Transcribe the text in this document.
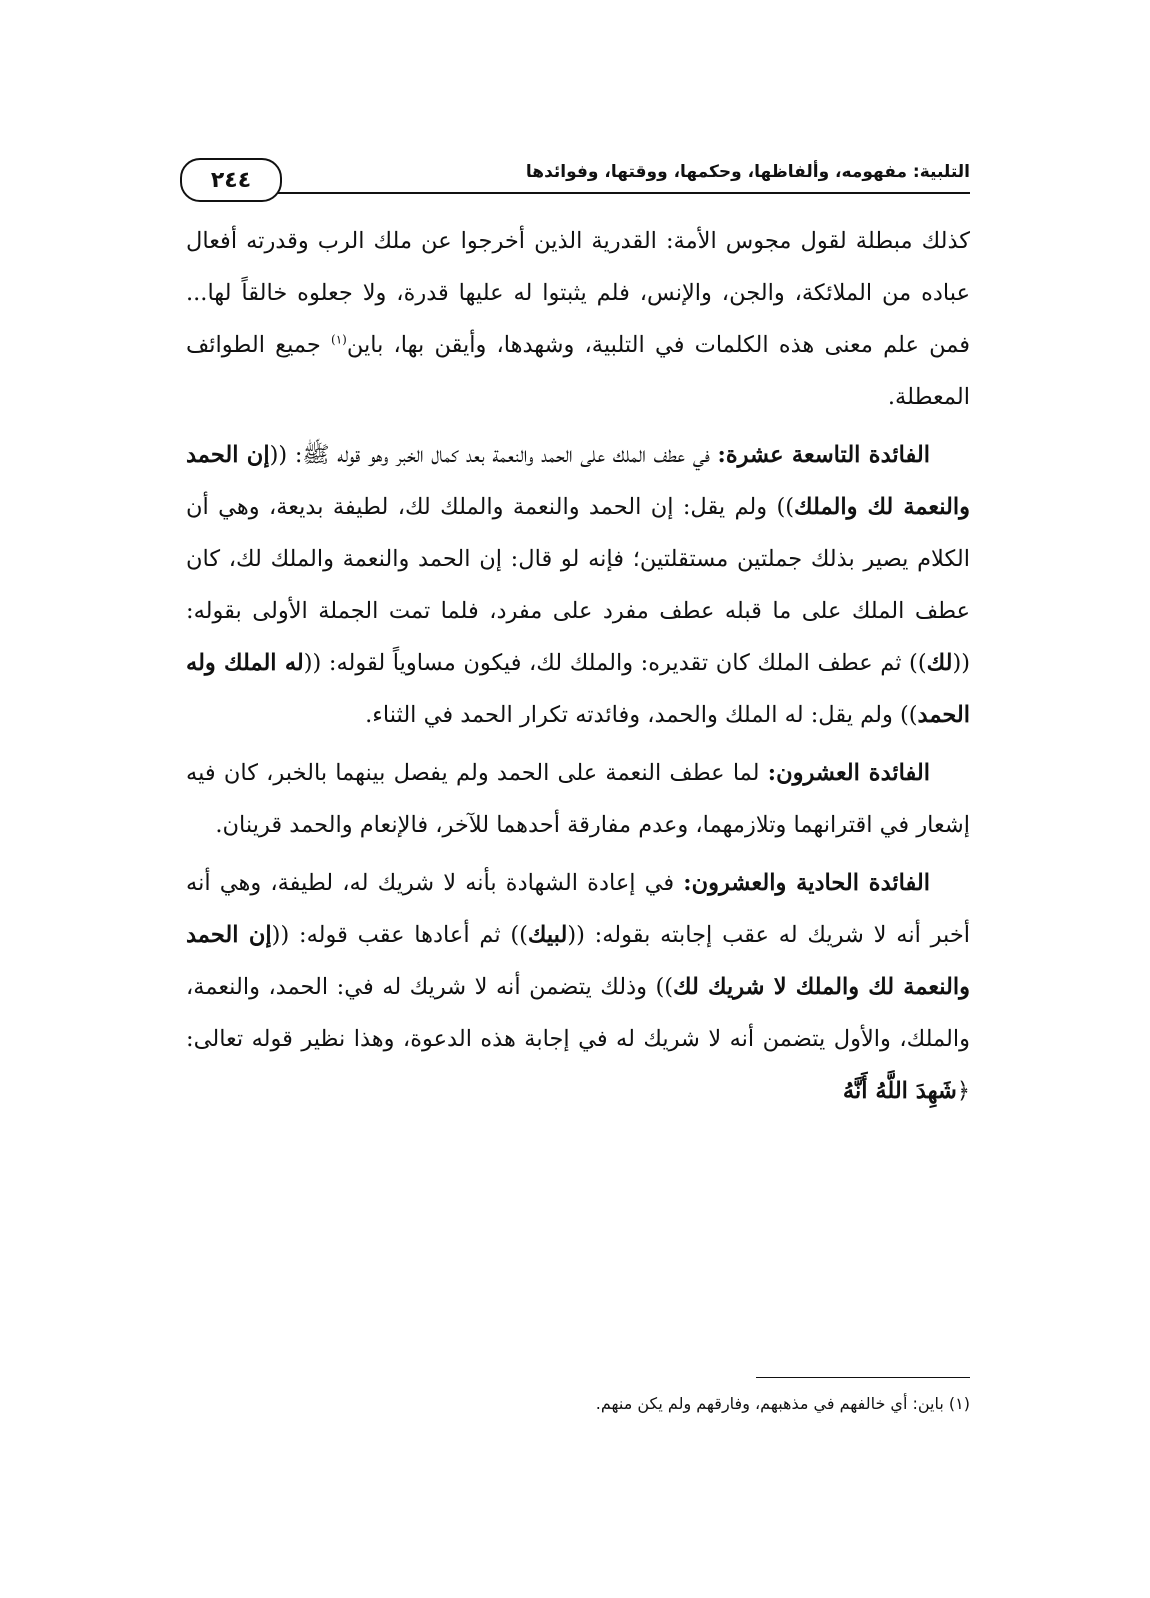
التلبية: مفهومه، وألفاظها، وحكمها، ووقتها، وفوائدها
٢٤٤

كذلك مبطلة لقول مجوس الأمة: القدرية الذين أخرجوا عن ملك الرب وقدرته أفعال عباده من الملائكة، والجن، والإنس، فلم يثبتوا له عليها قدرة، ولا جعلوه خالقاً لها... فمن علم معنى هذه الكلمات في التلبية، وشهدها، وأيقن بها، باين$^{(١)}$ جميع الطوائف المعطلة.

الفائدة التاسعة عشرة: في عطف الملك على الحمد والنعمة بعد كمال الخبر وهو قوله ﷺ: ((إن الحمد والنعمة لك والملك)) ولم يقل: إن الحمد والنعمة والملك لك، لطيفة بديعة، وهي أن الكلام يصير بذلك جملتين مستقلتين؛ فإنه لو قال: إن الحمد والنعمة والملك لك، كان عطف الملك على ما قبله عطف مفرد على مفرد، فلما تمت الجملة الأولى بقوله: ((لك)) ثم عطف الملك كان تقديره: والملك لك، فيكون مساوياً لقوله: ((له الملك وله الحمد)) ولم يقل: له الملك والحمد، وفائدته تكرار الحمد في الثناء.

الفائدة العشرون: لما عطف النعمة على الحمد ولم يفصل بينهما بالخبر، كان فيه إشعار في اقترانهما وتلازمهما، وعدم مفارقة أحدهما للآخر، فالإنعام والحمد قرينان.

الفائدة الحادية والعشرون: في إعادة الشهادة بأنه لا شريك له، لطيفة، وهي أنه أخبر أنه لا شريك له عقب إجابته بقوله: ((لبيك)) ثم أعادها عقب قوله: ((إن الحمد والنعمة لك والملك لا شريك لك)) وذلك يتضمن أنه لا شريك له في: الحمد، والنعمة، والملك، والأول يتضمن أنه لا شريك له في إجابة هذه الدعوة، وهذا نظير قوله تعالى: ﴿شَهِدَ اللَّهُ أَنَّهُ

(١) باين: أي خالفهم في مذهبهم، وفارقهم ولم يكن منهم.
